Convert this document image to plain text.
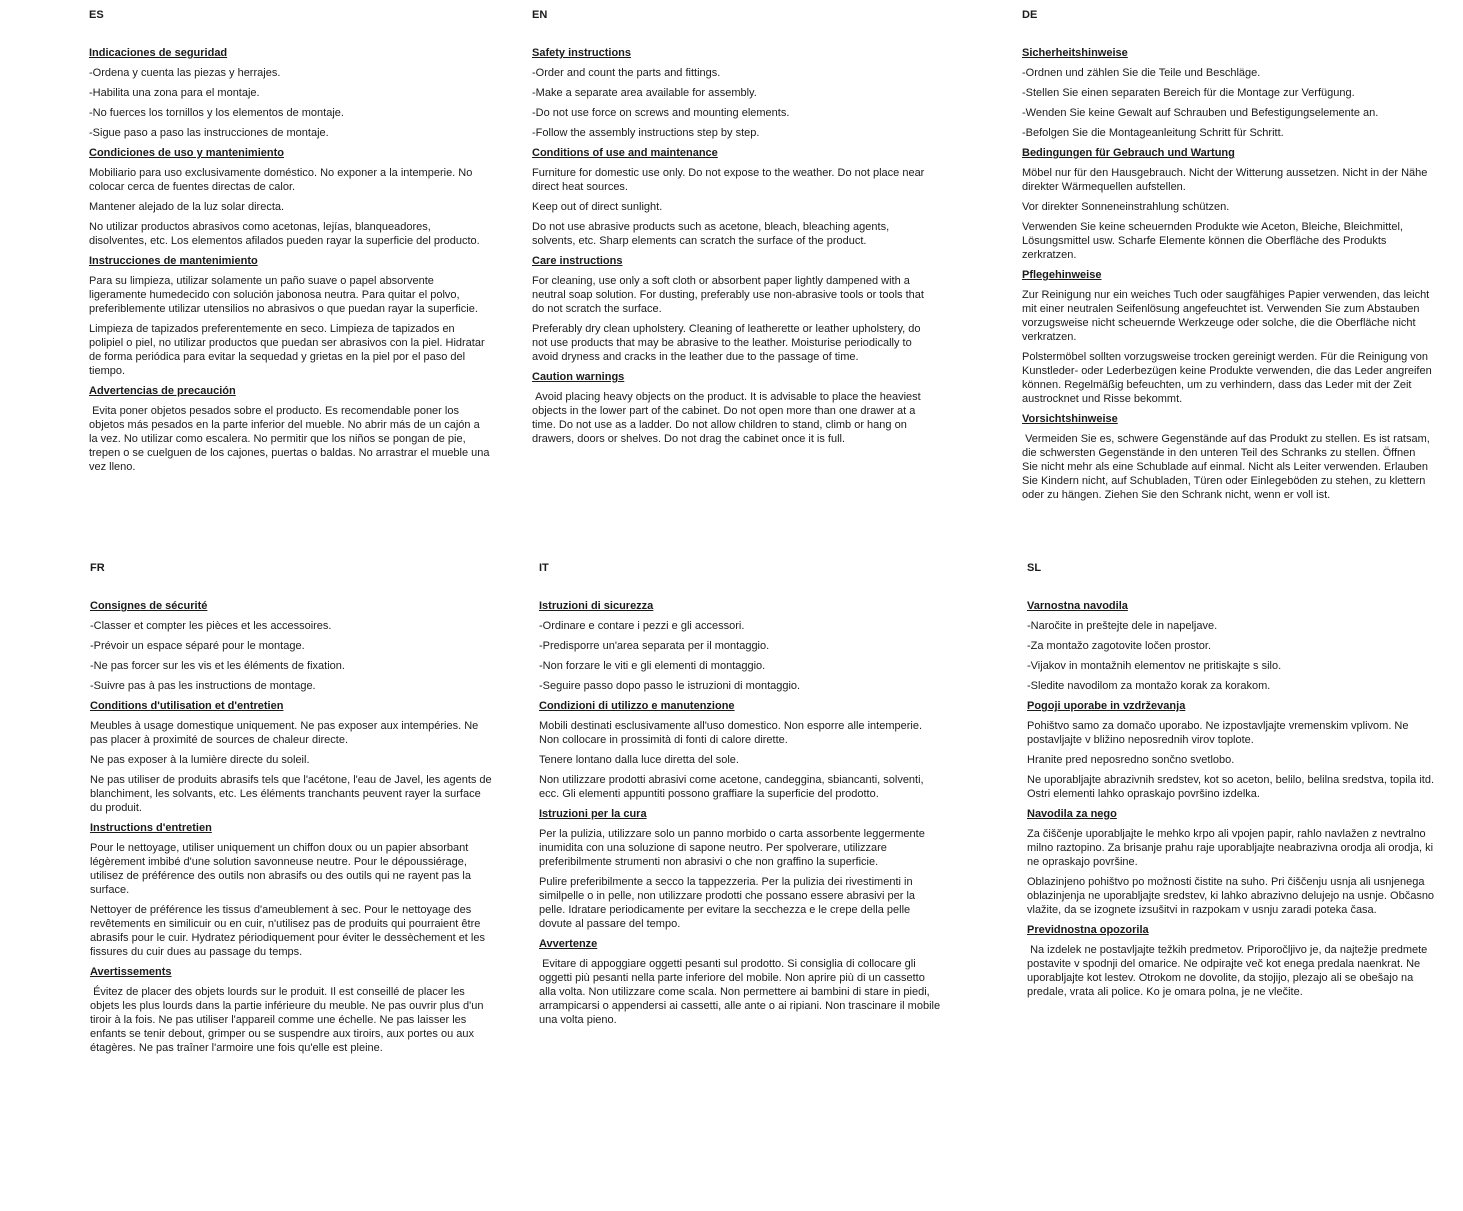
ES
Indicaciones de seguridad
-Ordena y cuenta las piezas y herrajes.
-Habilita una zona para el montaje.
-No fuerces los tornillos y los elementos de montaje.
-Sigue paso a paso las instrucciones de montaje.
Condiciones de uso y mantenimiento
Mobiliario para uso exclusivamente doméstico. No exponer a la intemperie. No colocar cerca de fuentes directas de calor.
Mantener alejado de la luz solar directa.
No utilizar productos abrasivos como acetonas, lejías, blanqueadores, disolventes, etc. Los elementos afilados pueden rayar la superficie del producto.
Instrucciones de mantenimiento
Para su limpieza, utilizar solamente un paño suave o papel absorvente ligeramente humedecido con solución jabonosa neutra. Para quitar el polvo, preferiblemente utilizar utensilios no abrasivos o que puedan rayar la superficie.
Limpieza de tapizados preferentemente en seco. Limpieza de tapizados en polipiel o piel, no utilizar productos que puedan ser abrasivos con la piel. Hidratar de forma periódica para evitar la sequedad y grietas en la piel por el paso del tiempo.
Advertencias de precaución
Evita poner objetos pesados sobre el producto. Es recomendable poner los objetos más pesados en la parte inferior del mueble. No abrir más de un cajón a la vez. No utilizar como escalera. No permitir que los niños se pongan de pie, trepen o se cuelguen de los cajones, puertas o baldas. No arrastrar el mueble una vez lleno.
EN
Safety instructions
-Order and count the parts and fittings.
-Make a separate area available for assembly.
-Do not use force on screws and mounting elements.
-Follow the assembly instructions step by step.
Conditions of use and maintenance
Furniture for domestic use only. Do not expose to the weather. Do not place near direct heat sources.
Keep out of direct sunlight.
Do not use abrasive products such as acetone, bleach, bleaching agents, solvents, etc. Sharp elements can scratch the surface of the product.
Care instructions
For cleaning, use only a soft cloth or absorbent paper lightly dampened with a neutral soap solution. For dusting, preferably use non-abrasive tools or tools that do not scratch the surface.
Preferably dry clean upholstery. Cleaning of leatherette or leather upholstery, do not use products that may be abrasive to the leather. Moisturise periodically to avoid dryness and cracks in the leather due to the passage of time.
Caution warnings
Avoid placing heavy objects on the product. It is advisable to place the heaviest objects in the lower part of the cabinet. Do not open more than one drawer at a time. Do not use as a ladder. Do not allow children to stand, climb or hang on drawers, doors or shelves. Do not drag the cabinet once it is full.
DE
Sicherheitshinweise
-Ordnen und zählen Sie die Teile und Beschläge.
-Stellen Sie einen separaten Bereich für die Montage zur Verfügung.
-Wenden Sie keine Gewalt auf Schrauben und Befestigungselemente an.
-Befolgen Sie die Montageanleitung Schritt für Schritt.
Bedingungen für Gebrauch und Wartung
Möbel nur für den Hausgebrauch. Nicht der Witterung aussetzen. Nicht in der Nähe direkter Wärmequellen aufstellen.
Vor direkter Sonneneinstrahlung schützen.
Verwenden Sie keine scheuernden Produkte wie Aceton, Bleiche, Bleichmittel, Lösungsmittel usw. Scharfe Elemente können die Oberfläche des Produkts zerkratzen.
Pflegehinweise
Zur Reinigung nur ein weiches Tuch oder saugfähiges Papier verwenden, das leicht mit einer neutralen Seifenlösung angefeuchtet ist. Verwenden Sie zum Abstauben vorzugsweise nicht scheuernde Werkzeuge oder solche, die die Oberfläche nicht verkratzen.
Polstermöbel sollten vorzugsweise trocken gereinigt werden. Für die Reinigung von Kunstleder- oder Lederbezügen keine Produkte verwenden, die das Leder angreifen können. Regelmäßig befeuchten, um zu verhindern, dass das Leder mit der Zeit austrocknet und Risse bekommt.
Vorsichtshinweise
Vermeiden Sie es, schwere Gegenstände auf das Produkt zu stellen. Es ist ratsam, die schwersten Gegenstände in den unteren Teil des Schranks zu stellen. Öffnen Sie nicht mehr als eine Schublade auf einmal. Nicht als Leiter verwenden. Erlauben Sie Kindern nicht, auf Schubladen, Türen oder Einlegeböden zu stehen, zu klettern oder zu hängen. Ziehen Sie den Schrank nicht, wenn er voll ist.
FR
Consignes de sécurité
-Classer et compter les pièces et les accessoires.
-Prévoir un espace séparé pour le montage.
-Ne pas forcer sur les vis et les éléments de fixation.
-Suivre pas à pas les instructions de montage.
Conditions d'utilisation et d'entretien
Meubles à usage domestique uniquement. Ne pas exposer aux intempéries. Ne pas placer à proximité de sources de chaleur directe.
Ne pas exposer à la lumière directe du soleil.
Ne pas utiliser de produits abrasifs tels que l'acétone, l'eau de Javel, les agents de blanchiment, les solvants, etc. Les éléments tranchants peuvent rayer la surface du produit.
Instructions d'entretien
Pour le nettoyage, utiliser uniquement un chiffon doux ou un papier absorbant légèrement imbibé d'une solution savonneuse neutre. Pour le dépoussiérage, utilisez de préférence des outils non abrasifs ou des outils qui ne rayent pas la surface.
Nettoyer de préférence les tissus d'ameublement à sec. Pour le nettoyage des revêtements en similicuir ou en cuir, n'utilisez pas de produits qui pourraient être abrasifs pour le cuir. Hydratez périodiquement pour éviter le dessèchement et les fissures du cuir dues au passage du temps.
Avertissements
Évitez de placer des objets lourds sur le produit. Il est conseillé de placer les objets les plus lourds dans la partie inférieure du meuble. Ne pas ouvrir plus d'un tiroir à la fois. Ne pas utiliser l'appareil comme une échelle. Ne pas laisser les enfants se tenir debout, grimper ou se suspendre aux tiroirs, aux portes ou aux étagères. Ne pas traîner l'armoire une fois qu'elle est pleine.
IT
Istruzioni di sicurezza
-Ordinare e contare i pezzi e gli accessori.
-Predisporre un'area separata per il montaggio.
-Non forzare le viti e gli elementi di montaggio.
-Seguire passo dopo passo le istruzioni di montaggio.
Condizioni di utilizzo e manutenzione
Mobili destinati esclusivamente all'uso domestico. Non esporre alle intemperie. Non collocare in prossimità di fonti di calore dirette.
Tenere lontano dalla luce diretta del sole.
Non utilizzare prodotti abrasivi come acetone, candeggina, sbiancanti, solventi, ecc. Gli elementi appuntiti possono graffiare la superficie del prodotto.
Istruzioni per la cura
Per la pulizia, utilizzare solo un panno morbido o carta assorbente leggermente inumidita con una soluzione di sapone neutro. Per spolverare, utilizzare preferibilmente strumenti non abrasivi o che non graffino la superficie.
Pulire preferibilmente a secco la tappezzeria. Per la pulizia dei rivestimenti in similpelle o in pelle, non utilizzare prodotti che possano essere abrasivi per la pelle. Idratare periodicamente per evitare la secchezza e le crepe della pelle dovute al passare del tempo.
Avvertenze
Evitare di appoggiare oggetti pesanti sul prodotto. Si consiglia di collocare gli oggetti più pesanti nella parte inferiore del mobile. Non aprire più di un cassetto alla volta. Non utilizzare come scala. Non permettere ai bambini di stare in piedi, arrampicarsi o appendersi ai cassetti, alle ante o ai ripiani. Non trascinare il mobile una volta pieno.
SL
Varnostna navodila
-Naročite in preštejte dele in napeljave.
-Za montažo zagotovite ločen prostor.
-Vijakov in montažnih elementov ne pritiskajte s silo.
-Sledite navodilom za montažo korak za korakom.
Pogoji uporabe in vzdrževanja
Pohištvo samo za domačo uporabo. Ne izpostavljajte vremenskim vplivom. Ne postavljajte v bližino neposrednih virov toplote.
Hranite pred neposredno sončno svetlobo.
Ne uporabljajte abrazivnih sredstev, kot so aceton, belilo, belilna sredstva, topila itd. Ostri elementi lahko opraskajo površino izdelka.
Navodila za nego
Za čiščenje uporabljajte le mehko krpo ali vpojen papir, rahlo navlažen z nevtralno milno raztopino. Za brisanje prahu raje uporabljajte neabrazivna orodja ali orodja, ki ne opraskajo površine.
Oblazinjeno pohištvo po možnosti čistite na suho. Pri čiščenju usnja ali usnjenega oblazinjenja ne uporabljajte sredstev, ki lahko abrazivno delujejo na usnje. Občasno vlažite, da se izognete izsušitvi in razpokam v usnju zaradi poteka časa.
Previdnostna opozorila
Na izdelek ne postavljajte težkih predmetov. Priporočljivo je, da najtežje predmete postavite v spodnji del omarice. Ne odpirajte več kot enega predala naenkrat. Ne uporabljajte kot lestev. Otrokom ne dovolite, da stojijo, plezajo ali se obešajo na predale, vrata ali police. Ko je omara polna, je ne vlečite.
